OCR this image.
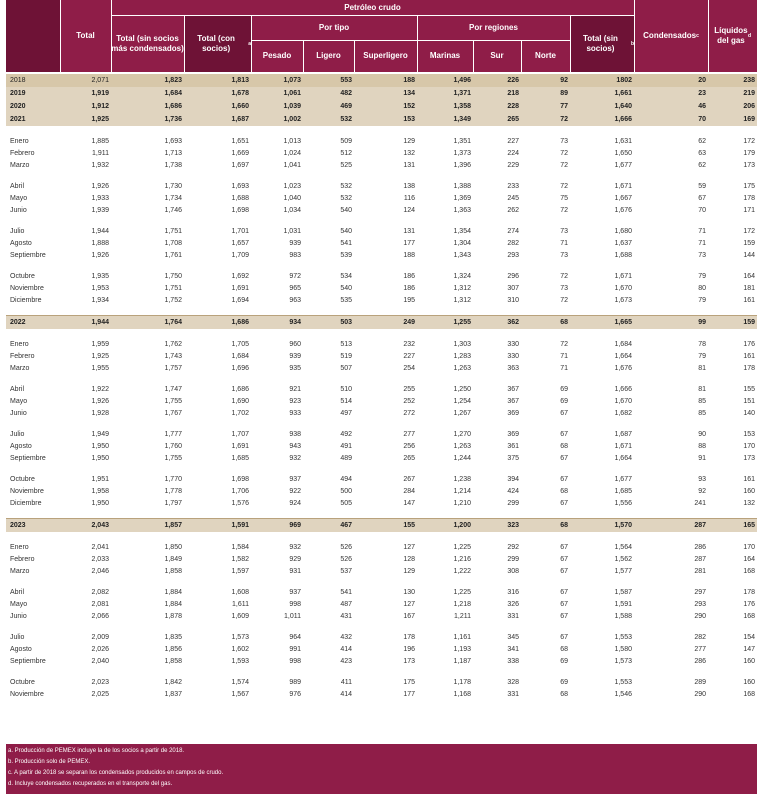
Total
Petróleo crudo
Total (sin socios más condensados)
Total (con socios)	a
Por tipo	Por regiones
Pesado	Ligero	Superligero	Marinas	Sur	Norte
Total (sin socios)	b
Condensados c
Líquidos del gas d
2018	2,071	1,823	1,813	1,073	553	188	1,496	226	92	1802	20	238
2019	1,919	1,684	1,678	1,061	482	134	1,371	218	89	1,661	23	219
2020	1,912	1,686	1,660	1,039	469	152	1,358	228	77	1,640	46	206
2021	1,925	1,736	1,687	1,002	532	153	1,349	265	72	1,666	70	169

Enero	1,885	1,693	1,651	1,013	509	129	1,351	227	73	1,631	62	172
Febrero	1,911	1,713	1,669	1,024	512	132	1,373	224	72	1,650	63	179
Marzo	1,932	1,738	1,697	1,041	525	131	1,396	229	72	1,677	62	173

Abril	1,926	1,730	1,693	1,023	532	138	1,388	233	72	1,671	59	175
Mayo	1,933	1,734	1,688	1,040	532	116	1,369	245	75	1,667	67	178
Junio	1,939	1,746	1,698	1,034	540	124	1,363	262	72	1,676	70	171

Julio	1,944	1,751	1,701	1,031	540	131	1,354	274	73	1,680	71	172
Agosto	1,888	1,708	1,657	939	541	177	1,304	282	71	1,637	71	159
Septiembre	1,926	1,761	1,709	983	539	188	1,343	293	73	1,688	73	144

Octubre	1,935	1,750	1,692	972	534	186	1,324	296	72	1,671	79	164
Noviembre	1,953	1,751	1,691	965	540	186	1,312	307	73	1,670	80	181
Diciembre	1,934	1,752	1,694	963	535	195	1,312	310	72	1,673	79	161

2022	1,944	1,764	1,686	934	503	249	1,255	362	68	1,665	99	159

Enero	1,959	1,762	1,705	960	513	232	1,303	330	72	1,684	78	176
Febrero	1,925	1,743	1,684	939	519	227	1,283	330	71	1,664	79	161
Marzo	1,955	1,757	1,696	935	507	254	1,263	363	71	1,676	81	178

Abril	1,922	1,747	1,686	921	510	255	1,250	367	69	1,666	81	155
Mayo	1,926	1,755	1,690	923	514	252	1,254	367	69	1,670	85	151
Junio	1,928	1,767	1,702	933	497	272	1,267	369	67	1,682	85	140

Julio	1,949	1,777	1,707	938	492	277	1,270	369	67	1,687	90	153
Agosto	1,950	1,760	1,691	943	491	256	1,263	361	68	1,671	88	170
Septiembre	1,950	1,755	1,685	932	489	265	1,244	375	67	1,664	91	173

Octubre	1,951	1,770	1,698	937	494	267	1,238	394	67	1,677	93	161
Noviembre	1,958	1,778	1,706	922	500	284	1,214	424	68	1,685	92	160
Diciembre	1,950	1,797	1,576	924	505	147	1,210	299	67	1,556	241	132

2023	2,043	1,857	1,591	969	467	155	1,200	323	68	1,570	287	165

Enero	2,041	1,850	1,584	932	526	127	1,225	292	67	1,564	286	170
Febrero	2,033	1,849	1,582	929	526	128	1,216	299	67	1,562	287	164
Marzo	2,046	1,858	1,597	931	537	129	1,222	308	67	1,577	281	168

Abril	2,082	1,884	1,608	937	541	130	1,225	316	67	1,587	297	178
Mayo	2,081	1,884	1,611	998	487	127	1,218	326	67	1,591	293	176
Junio	2,066	1,878	1,609	1,011	431	167	1,211	331	67	1,588	290	168

Julio	2,009	1,835	1,573	964	432	178	1,161	345	67	1,553	282	154
Agosto	2,026	1,856	1,602	991	414	196	1,193	341	68	1,580	277	147
Septiembre	2,040	1,858	1,593	998	423	173	1,187	338	69	1,573	286	160

Octubre	2,023	1,842	1,574	989	411	175	1,178	328	69	1,553	289	160
Noviembre	2,025	1,837	1,567	976	414	177	1,168	331	68	1,546	290	168
a. Producción de PEMEX incluye la de los socios a partir de 2018.
b. Producción solo de PEMEX.
c. A partir de 2018 se separan los condensados producidos en campos de crudo.
d. Incluye condensados recuperados en el transporte del gas.
